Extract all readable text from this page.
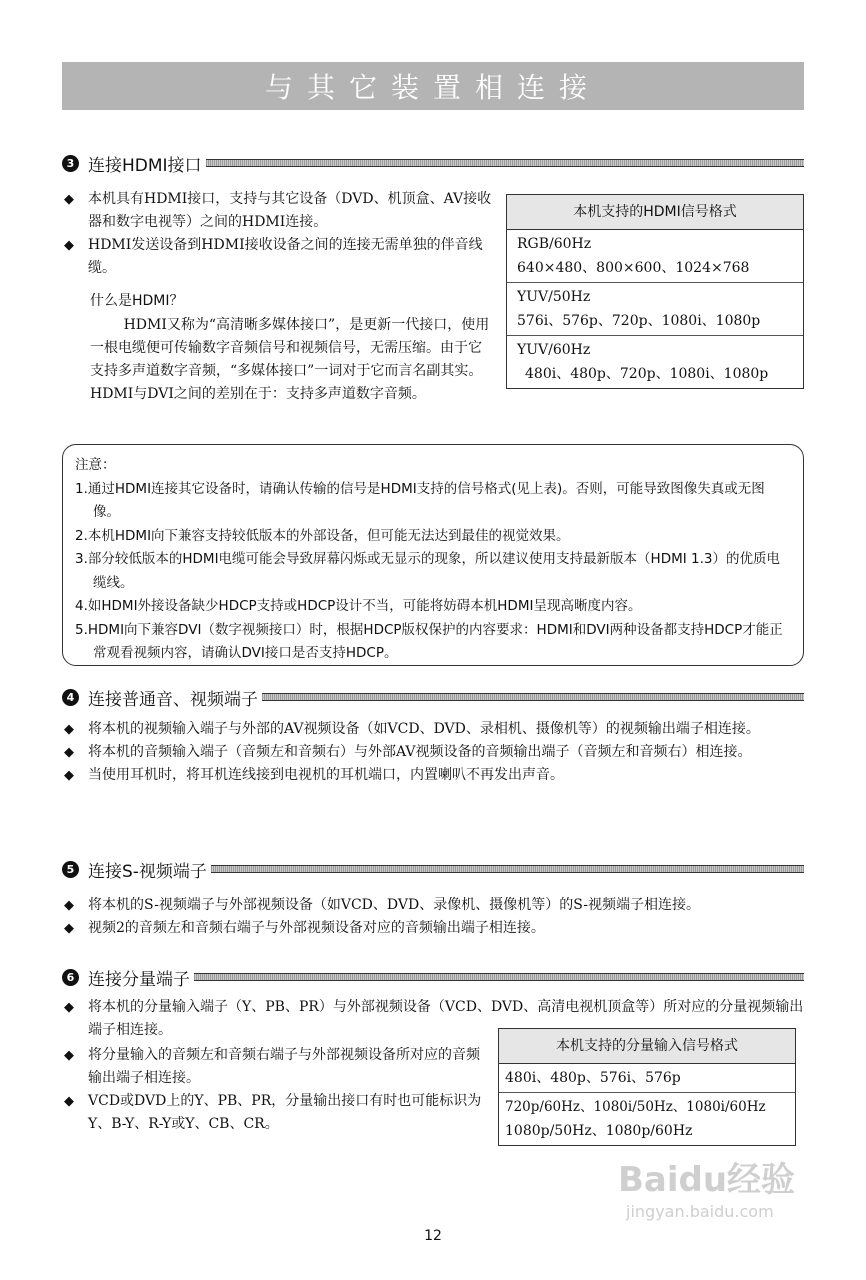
与其它装置相连接
3 连接HDMI接口
◆ 本机具有HDMI接口，支持与其它设备（DVD、机顶盒、AV接收器和数字电视等）之间的HDMI连接。
◆ HDMI发送设备到HDMI接收设备之间的连接无需单独的伴音线缆。
什么是HDMI？
HDMI又称为“高清晰多媒体接口”，是更新一代接口，使用一根电缆便可传输数字音频信号和视频信号，无需压缩。由于它支持多声道数字音频，“多媒体接口”一词对于它而言名副其实。HDMI与DVI之间的差别在于：支持多声道数字音频。
本机支持的HDMI信号格式
RGB/60Hz
640×480、800×600、1024×768
YUV/50Hz
576i、576p、720p、1080i、1080p
YUV/60Hz
480i、480p、720p、1080i、1080p
注意：
1.通过HDMI连接其它设备时，请确认传输的信号是HDMI支持的信号格式(见上表)。否则，可能导致图像失真或无图像。
2.本机HDMI向下兼容支持较低版本的外部设备，但可能无法达到最佳的视觉效果。
3.部分较低版本的HDMI电缆可能会导致屏幕闪烁或无显示的现象，所以建议使用支持最新版本（HDMI 1.3）的优质电缆线。
4.如HDMI外接设备缺少HDCP支持或HDCP设计不当，可能将妨碍本机HDMI呈现高晰度内容。
5.HDMI向下兼容DVI（数字视频接口）时，根据HDCP版权保护的内容要求：HDMI和DVI两种设备都支持HDCP才能正常观看视频内容，请确认DVI接口是否支持HDCP。
4 连接普通音、视频端子
◆ 将本机的视频输入端子与外部的AV视频设备（如VCD、DVD、录相机、摄像机等）的视频输出端子相连接。
◆ 将本机的音频输入端子（音频左和音频右）与外部AV视频设备的音频输出端子（音频左和音频右）相连接。
◆ 当使用耳机时，将耳机连线接到电视机的耳机端口，内置喇叭不再发出声音。
5 连接S-视频端子
◆ 将本机的S-视频端子与外部视频设备（如VCD、DVD、录像机、摄像机等）的S-视频端子相连接。
◆ 视频2的音频左和音频右端子与外部视频设备对应的音频输出端子相连接。
6 连接分量端子
◆ 将本机的分量输入端子（Y、PB、PR）与外部视频设备（VCD、DVD、高清电视机顶盒等）所对应的分量视频输出端子相连接。
◆ 将分量输入的音频左和音频右端子与外部视频设备所对应的音频输出端子相连接。
◆ VCD或DVD上的Y、PB、PR，分量输出接口有时也可能标识为Y、B-Y、R-Y或Y、CB、CR。
本机支持的分量输入信号格式
480i、480p、576i、576p
720p/60Hz、1080i/50Hz、1080i/60Hz
1080p/50Hz、1080p/60Hz
Baidu经验
jingyan.baidu.com
12
